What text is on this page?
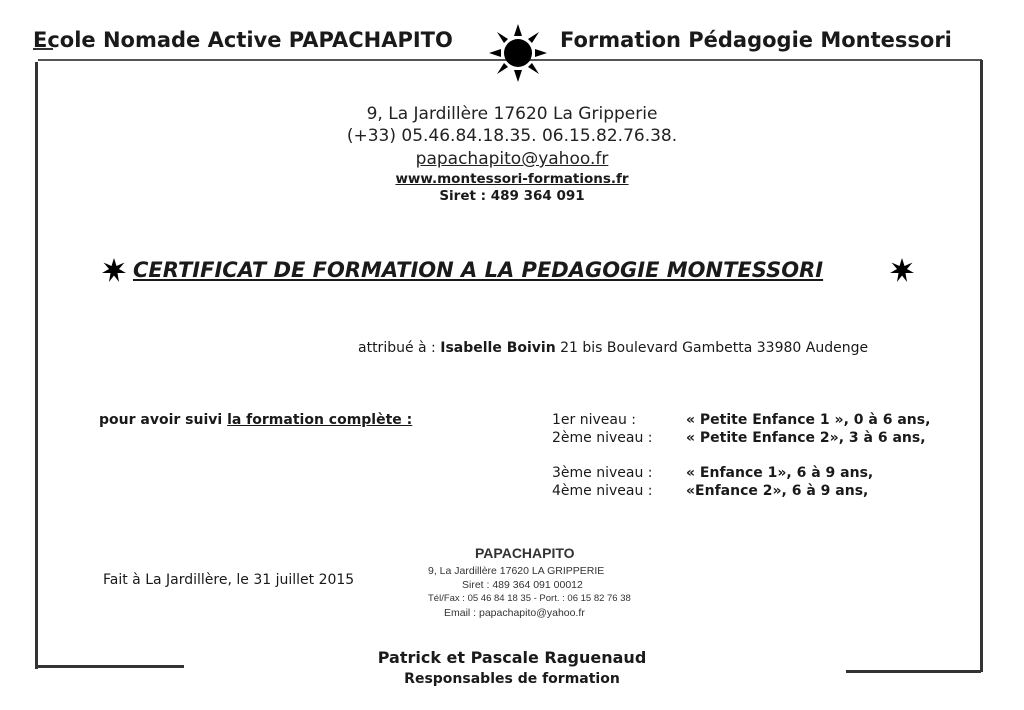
Ecole Nomade Active PAPACHAPITO	Formation Pédagogie Montessori
9, La Jardillère 17620 La Gripperie
(+33) 05.46.84.18.35. 06.15.82.76.38.
papachapito@yahoo.fr
www.montessori-formations.fr
Siret : 489 364 091
CERTIFICAT DE FORMATION A LA PEDAGOGIE MONTESSORI
attribué à : Isabelle Boivin 21 bis Boulevard Gambetta 33980 Audenge
pour avoir suivi la formation complète :	1er niveau :	« Petite Enfance 1 », 0 à 6 ans,
2ème niveau : « Petite Enfance 2», 3 à 6 ans,
3ème niveau : « Enfance 1», 6 à 9 ans,
4ème niveau : «Enfance 2», 6 à 9 ans,
Fait à La Jardillère, le 31 juillet 2015
PAPACHAPITO
9, La Jardillère 17620 LA GRIPPERIE
Siret : 489 364 091 00012
Tél/Fax : 05 46 84 18 35 - Port. : 06 15 82 76 38
Email : papachapito@yahoo.fr
Patrick et Pascale Raguenaud
Responsables de formation
